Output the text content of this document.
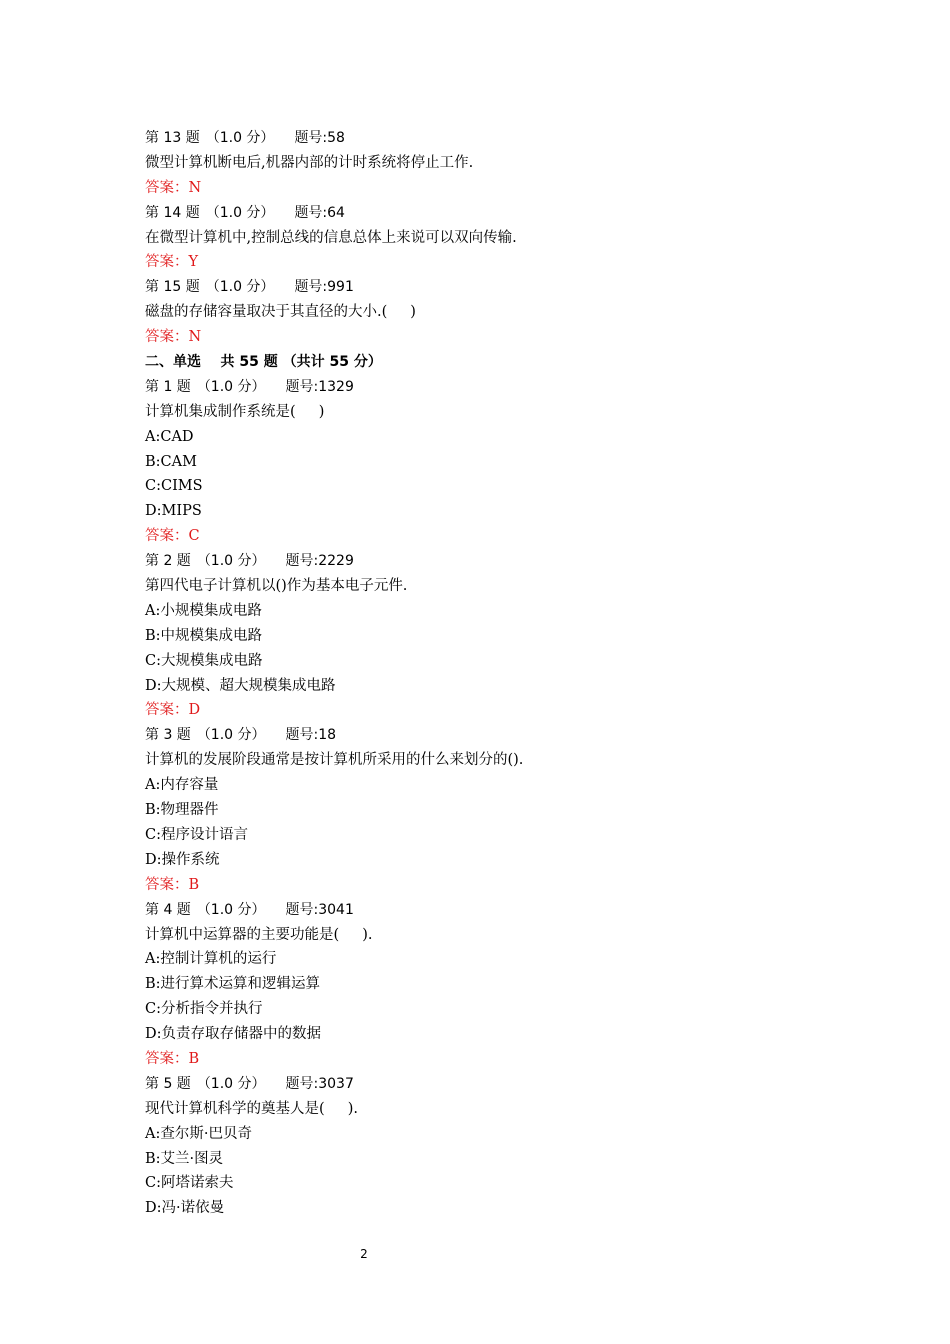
第 13 题 （1.0 分） 题号:58
微型计算机断电后,机器内部的计时系统将停止工作.
答案：N
第 14 题 （1.0 分） 题号:64
在微型计算机中,控制总线的信息总体上来说可以双向传输.
答案：Y
第 15 题 （1.0 分） 题号:991
磁盘的存储容量取决于其直径的大小.(     )
答案：N
二、单选    共 55 题 （共计 55 分）
第 1 题 （1.0 分） 题号:1329
计算机集成制作系统是(     )
A:CAD
B:CAM
C:CIMS
D:MIPS
答案：C
第 2 题 （1.0 分） 题号:2229
第四代电子计算机以()作为基本电子元件.
A:小规模集成电路
B:中规模集成电路
C:大规模集成电路
D:大规模、超大规模集成电路
答案：D
第 3 题 （1.0 分） 题号:18
计算机的发展阶段通常是按计算机所采用的什么来划分的().
A:内存容量
B:物理器件
C:程序设计语言
D:操作系统
答案：B
第 4 题 （1.0 分） 题号:3041
计算机中运算器的主要功能是(     ).
A:控制计算机的运行
B:进行算术运算和逻辑运算
C:分析指令并执行
D:负责存取存储器中的数据
答案：B
第 5 题 （1.0 分） 题号:3037
现代计算机科学的奠基人是(     ).
A:查尔斯·巴贝奇
B:艾兰·图灵
C:阿塔诺索夫
D:冯·诺依曼
2
